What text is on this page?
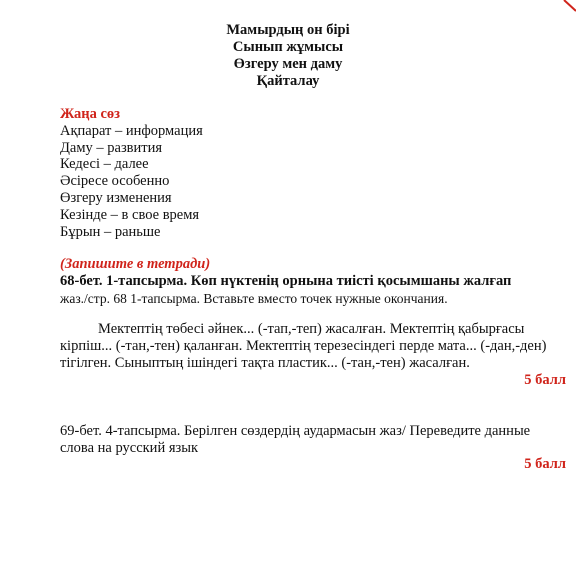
Мамырдың он бірі
Сынып жұмысы
Өзгеру мен даму
Қайталау
Жаңа сөз
Ақпарат – информация
Даму – развития
Кедесі – далее
Әсіресе особенно
Өзгеру изменения
Кезінде – в свое время
Бұрын – раньше
(Запишите в тетради)
68-бет. 1-тапсырма. Көп нүктенің орнына тиісті қосымшаны жалғап
жаз./стр. 68 1-тапсырма. Вставьте вместо точек нужные окончания.
Мектептің төбесі әйнек... (-тап,-теп) жасалған. Мектептің қабырғасы кірпіш... (-тан,-тен) қаланған. Мектептің терезесіндегі перде мата... (-дан,-ден) тігілген. Сыныптың ішіндегі тақта пластик... (-тан,-тен) жасалған.
5 балл
69-бет. 4-тапсырма. Берілген сөздердің аудармасын жаз/ Переведите данные слова на русский язык
5 балл
